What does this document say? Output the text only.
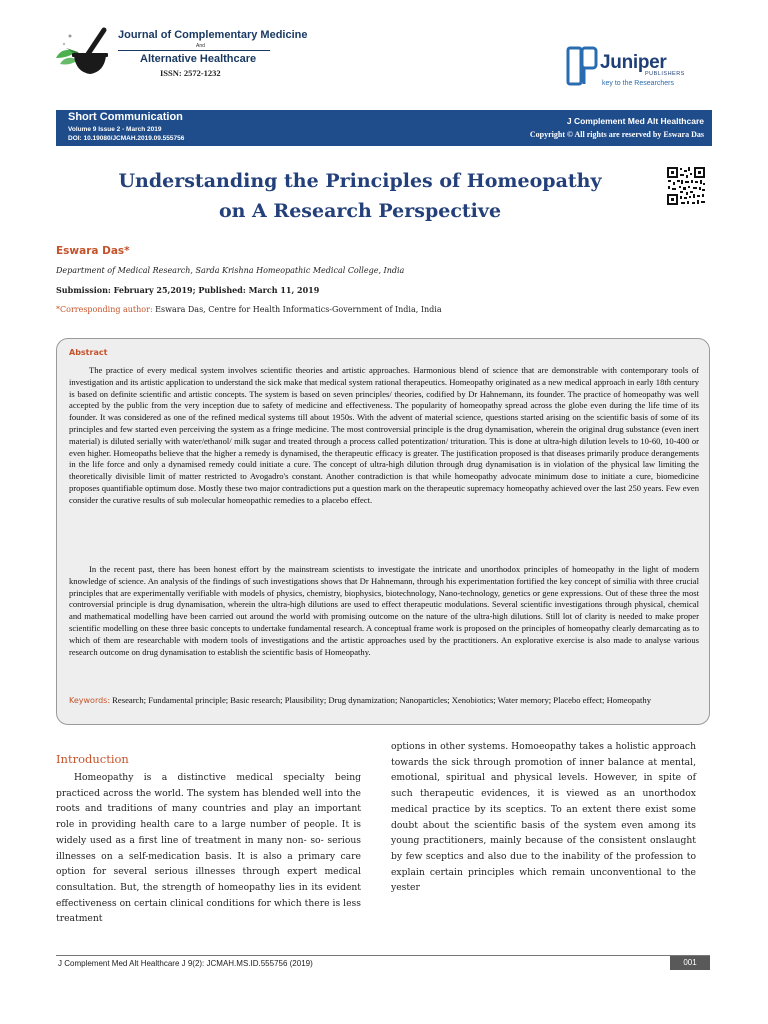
Journal of Complementary Medicine
And
Alternative Healthcare
ISSN: 2572-1232	Juniper
PUBLISHERS
key to the Researchers
Short Communication
Volume 9 Issue 2 - March 2019
DOI: 10.19080/JCMAH.2019.09.555756
J Complement Med Alt Healthcare
Copyright © All rights are reserved by Eswara Das
Understanding the Principles of Homeopathy
on A Research Perspective
Eswara Das*
Department of Medical Research, Sarda Krishna Homeopathic Medical College, India
Submission: February 25,2019; Published: March 11, 2019
*Corresponding author: Eswara Das, Centre for Health Informatics-Government of India, India
Abstract
The practice of every medical system involves scientific theories and artistic approaches. Harmonious blend of science that are demonstrable with contemporary tools of investigation and its artistic application to understand the sick make that medical system rational therapeutics. Homeopathy originated as a new medical approach in early 18th century is based on definite scientific and artistic concepts. The system is based on seven principles/ theories, codified by Dr Hahnemann, its founder. The practice of homeopathy was well accepted by the public from the very inception due to safety of medicine and effectiveness. The popularity of homeopathy spread across the globe even during the life time of its founder. It was considered as one of the refined medical systems till about 1950s. With the advent of material science, questions started arising on the scientific basis of some of its principles and few started even perceiving the system as a fringe medicine. The most controversial principle is the drug dynamisation, wherein the original drug substance (even inert material) is diluted serially with water/ethanol/ milk sugar and treated through a process called potentization/ trituration. This is done at ultra-high dilution levels to 10-60, 10-400 or even higher. Homeopaths believe that the higher a remedy is dynamised, the therapeutic efficacy is greater. The justification proposed is that diseases primarily produce derangements in the life force and only a dynamised remedy could initiate a cure. The concept of ultra-high dilution through drug dynamisation is in violation of the physical law limiting the theoretically divisible limit of matter restricted to Avogadro's constant. Another contradiction is that while homeopathy advocate minimum dose to initiate a cure, biomedicine proposes quantifiable optimum dose. Mostly these two major contradictions put a question mark on the therapeutic supremacy homeopathy achieved over the last 250 years. Few even consider the curative results of sub molecular homeopathic remedies to a placebo effect.
In the recent past, there has been honest effort by the mainstream scientists to investigate the intricate and unorthodox principles of homeopathy in the light of modern knowledge of science. An analysis of the findings of such investigations shows that Dr Hahnemann, through his experimentation fortified the key concept of similia with three crucial principles that are experimentally verifiable with models of physics, chemistry, biophysics, biotechnology, Nano-technology, genetics or gene expressions. Out of these three the most controversial principle is drug dynamisation, wherein the ultra-high dilutions are used to effect therapeutic modulations. Several scientific investigations through physical, chemical and mathematical modelling have been carried out around the world with promising outcome on the nature of the ultra-high dilutions. Still lot of clarity is needed to make proper scientific modelling on these three basic concepts to undertake fundamental research. A conceptual frame work is proposed on the principles of homeopathy clearly demarcating as to which of them are researchable with modern tools of investigations and the artistic approaches used by the practitioners. An explorative exercise is also made to analyse various research outcome on drug dynamisation to establish the scientific basis of Homeopathy.
Keywords: Research; Fundamental principle; Basic research; Plausibility; Drug dynamization; Nanoparticles; Xenobiotics; Water memory; Placebo effect; Homeopathy
Introduction
Homeopathy is a distinctive medical specialty being practiced across the world. The system has blended well into the roots and traditions of many countries and play an important role in providing health care to a large number of people. It is widely used as a first line of treatment in many non- so- serious illnesses on a self-medication basis. It is also a primary care option for several serious illnesses through expert medical consultation. But, the strength of homeopathy lies in its evident effectiveness on certain clinical conditions for which there is less treatment
options in other systems. Homoeopathy takes a holistic approach towards the sick through promotion of inner balance at mental, emotional, spiritual and physical levels. However, in spite of such therapeutic evidences, it is viewed as an unorthodox medical practice by its sceptics. To an extent there exist some doubt about the scientific basis of the system even among its young practitioners, mainly because of the consistent onslaught by few sceptics and also due to the inability of the profession to explain certain principles which remain unconventional to the yester
J Complement Med Alt Healthcare J 9(2): JCMAH.MS.ID.555756 (2019)	001
